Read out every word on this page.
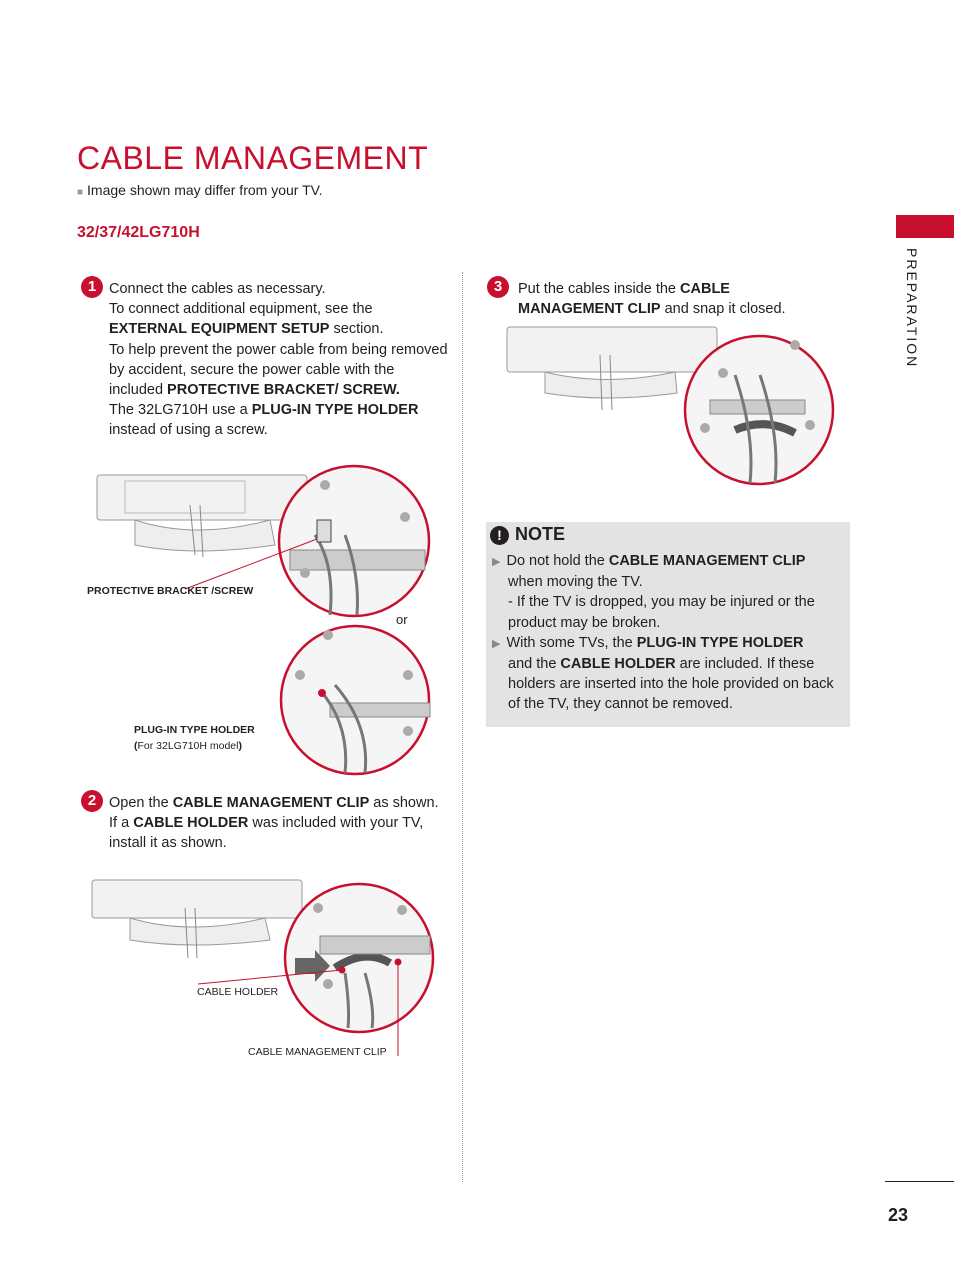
CABLE MANAGEMENT
■ Image shown may differ from your TV.
32/37/42LG710H
PREPARATION
1 Connect the cables as necessary.
To connect additional equipment, see the EXTERNAL EQUIPMENT SETUP section.
To help prevent the power cable from being removed by accident, secure the power cable with the included PROTECTIVE BRACKET/ SCREW.
The 32LG710H use a PLUG-IN TYPE HOLDER instead of using a screw.
PROTECTIVE BRACKET /SCREW
or
PLUG-IN TYPE HOLDER
(For 32LG710H model)
2 Open the CABLE MANAGEMENT CLIP as shown.
If a CABLE HOLDER was included with your TV, install it as shown.
CABLE HOLDER
CABLE MANAGEMENT CLIP
3	Put the cables inside the CABLE MANAGEMENT CLIP and snap it closed.
! NOTE
▶ Do not hold the CABLE MANAGEMENT CLIP
when moving the TV.
- If the TV is dropped, you may be injured or the product may be broken.
▶ With some TVs, the PLUG-IN TYPE HOLDER
and the CABLE HOLDER are included. If these holders are inserted into the hole provided on back of the TV, they cannot be removed.
23
